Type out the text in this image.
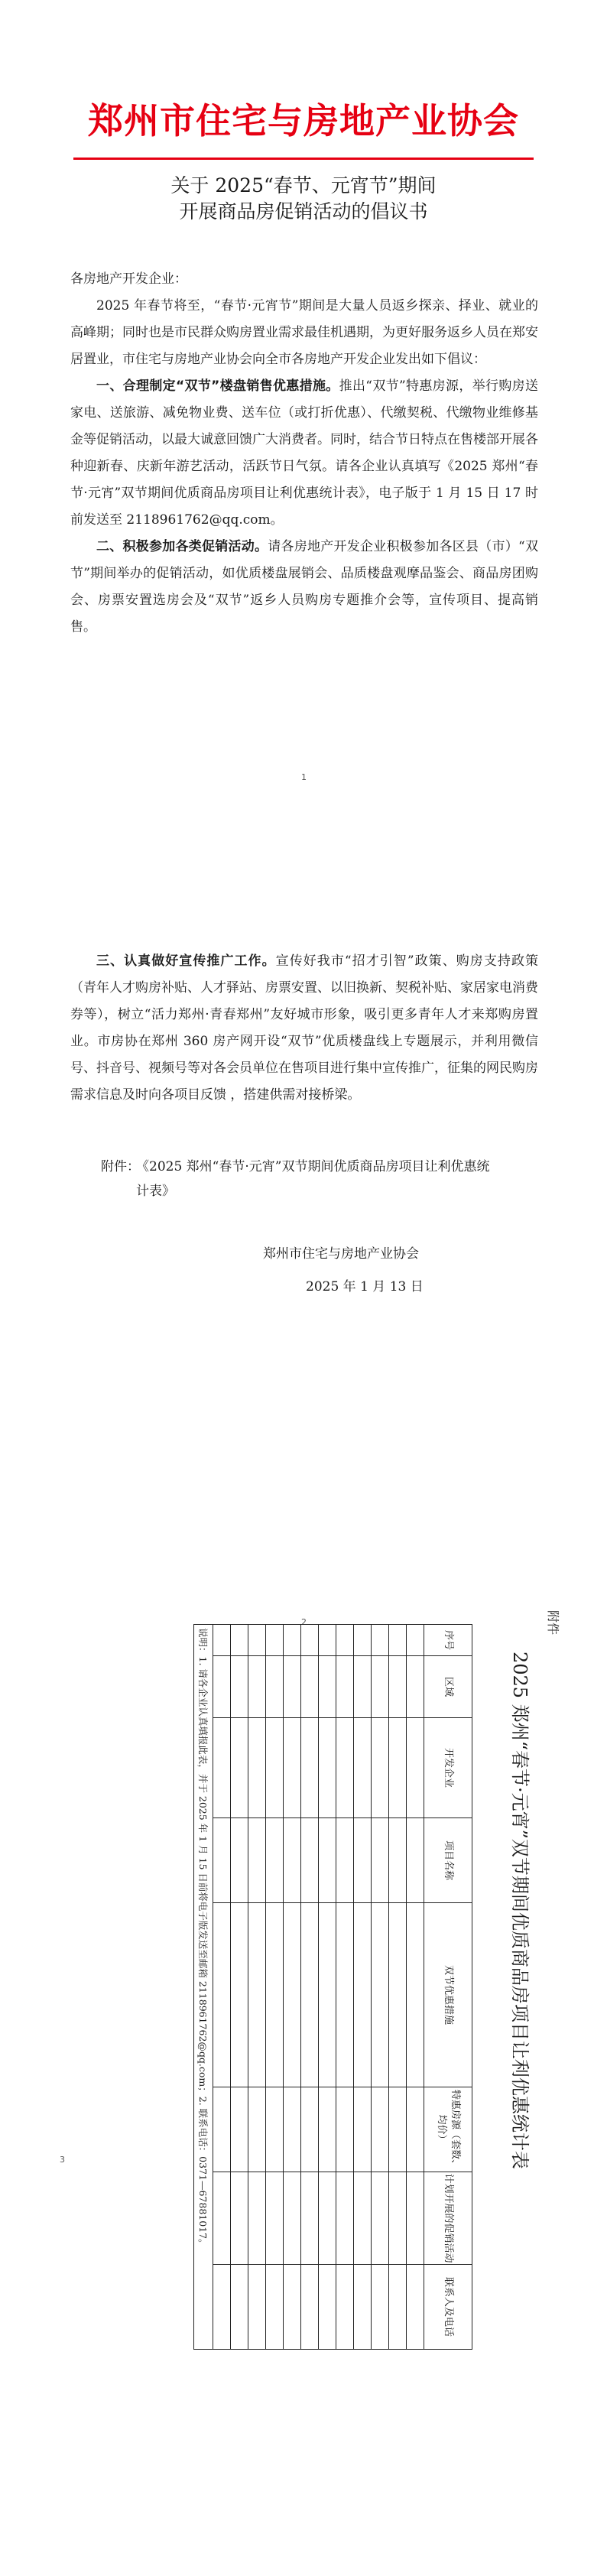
郑州市住宅与房地产业协会
关于 2025“春节、元宵节”期间
开展商品房促销活动的倡议书

各房地产开发企业：

2025 年春节将至，“春节·元宵节”期间是大量人员返乡探亲、择业、就业的高峰期；同时也是市民群众购房置业需求最佳机遇期，为更好服务返乡人员在郑安居置业，市住宅与房地产业协会向全市各房地产开发企业发出如下倡议：

一、合理制定“双节”楼盘销售优惠措施。推出“双节”特惠房源，举行购房送家电、送旅游、减免物业费、送车位（或打折优惠）、代缴契税、代缴物业维修基金等促销活动，以最大诚意回馈广大消费者。同时，结合节日特点在售楼部开展各种迎新春、庆新年游艺活动，活跃节日气氛。请各企业认真填写《2025 郑州“春节·元宵”双节期间优质商品房项目让利优惠统计表》，电子版于 1 月 15 日 17 时前发送至 2118961762@qq.com。

二、积极参加各类促销活动。请各房地产开发企业积极参加各区县（市）“双节”期间举办的促销活动，如优质楼盘展销会、品质楼盘观摩品鉴会、商品房团购会、房票安置选房会及“双节”返乡人员购房专题推介会等，宣传项目、提高销售。

1

三、认真做好宣传推广工作。宣传好我市“招才引智”政策、购房支持政策（青年人才购房补贴、人才驿站、房票安置、以旧换新、契税补贴、家居家电消费券等），树立“活力郑州·青春郑州”友好城市形象，吸引更多青年人才来郑购房置业。市房协在郑州 360 房产网开设“双节”优质楼盘线上专题展示，并利用微信号、抖音号、视频号等对各会员单位在售项目进行集中宣传推广，征集的网民购房需求信息及时向各项目反馈 ，搭建供需对接桥梁。

附件：
《2025 郑州“春节·元宵”双节期间优质商品房项目让利优惠统计表》
郑州市住宅与房地产业协会
2025 年 1 月 13 日
2
3
附件
2025 郑州“春节·元宵”双节期间优质商品房项目让利优惠统计表
序号	区域	开发企业	项目名称	双节优惠措施	特惠房源（套数、均价）	计划开展的促销活动	联系人及电话

说明：1. 请各企业认真填报此表，并于 2025 年 1 月 15 日前将电子版发送至邮箱 2118961762@qq.com；2. 联系电话：0371—67881017。							
